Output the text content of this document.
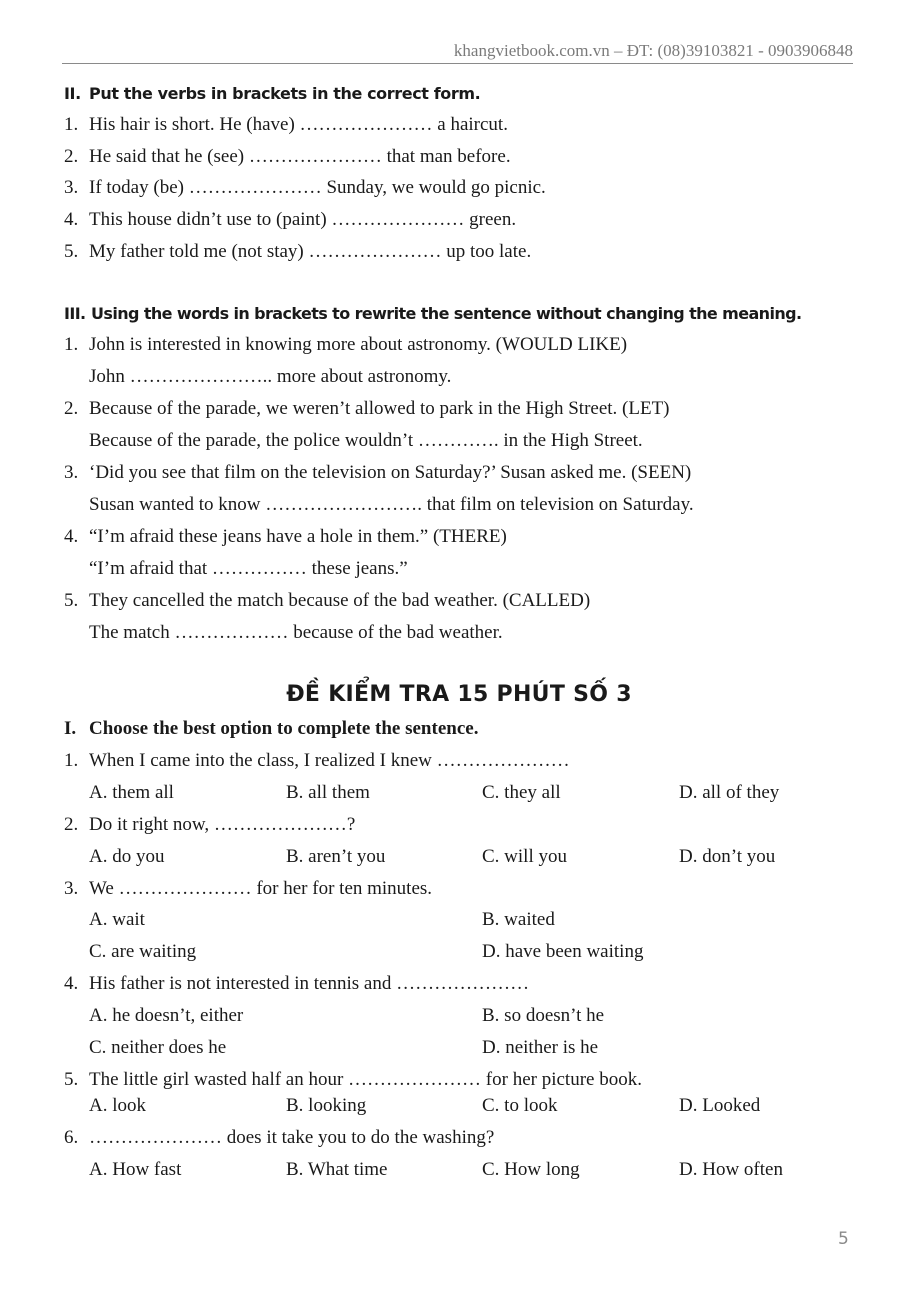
khangvietbook.com.vn – ĐT: (08)39103821 - 0903906848
II. Put the verbs in brackets in the correct form.
1. His hair is short. He (have) ………………… a haircut.
2. He said that he (see) ………………… that man before.
3. If today (be) ………………… Sunday, we would go picnic.
4. This house didn’t use to (paint) ………………… green.
5. My father told me (not stay) ………………… up too late.
III. Using the words in brackets to rewrite the sentence without changing the meaning.
1. John is interested in knowing more about astronomy. (WOULD LIKE)
John ………………….. more about astronomy.
2. Because of the parade, we weren’t allowed to park in the High Street. (LET)
Because of the parade, the police wouldn’t …………. in the High Street.
3. ‘Did you see that film on the television on Saturday?’ Susan asked me. (SEEN)
Susan wanted to know ……………………. that film on television on Saturday.
4. “I’m afraid these jeans have a hole in them.” (THERE)
“I’m afraid that …………… these jeans.”
5. They cancelled the match because of the bad weather. (CALLED)
The match ……………… because of the bad weather.
ĐỀ KIỂM TRA 15 PHÚT SỐ 3
I. Choose the best option to complete the sentence.
1. When I came into the class, I realized I knew …………………
A. them all	B. all them	C. they all	D. all of they
2. Do it right now, …………………?
A. do you	B. aren’t you	C. will you	D. don’t you
3. We ………………… for her for ten minutes.
A. wait	B. waited
C. are waiting	D. have been waiting
4. His father is not interested in tennis and …………………
A. he doesn’t, either	B. so doesn’t he
C. neither does he	D. neither is he
5. The little girl wasted half an hour ………………… for her picture book.
A. look	B. looking	C. to look	D. Looked
6. ………………… does it take you to do the washing?
A. How fast	B. What time	C. How long	D. How often
5
